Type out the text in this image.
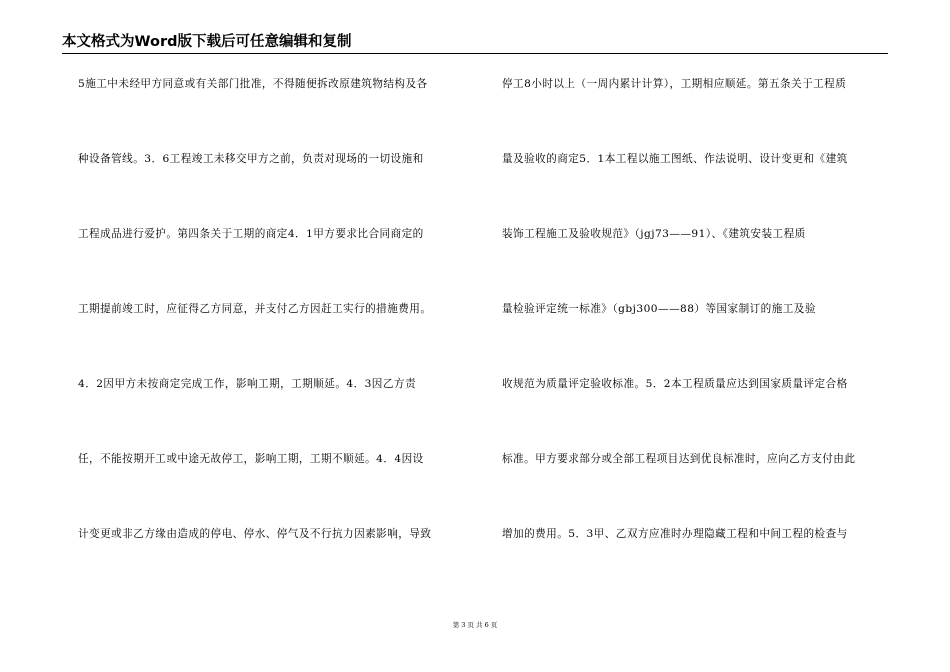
本文格式为Word版下载后可任意编辑和复制
5施工中未经甲方同意或有关部门批准，不得随便拆改原建筑物结构及各
种设备管线。3．6工程竣工未移交甲方之前，负责对现场的一切设施和
工程成品进行爱护。第四条关于工期的商定4．1甲方要求比合同商定的
工期提前竣工时，应征得乙方同意，并支付乙方因赶工实行的措施费用。
4．2因甲方未按商定完成工作，影响工期，工期顺延。4．3因乙方责
任，不能按期开工或中途无故停工，影响工期，工期不顺延。4．4因设
计变更或非乙方缘由造成的停电、停水、停气及不行抗力因素影响，导致
停工8小时以上（一周内累计计算），工期相应顺延。第五条关于工程质
量及验收的商定5．1本工程以施工图纸、作法说明、设计变更和《建筑
装饰工程施工及验收规范》（jgj73——91）、《建筑安装工程质
量检验评定统一标准》（gbj300——88）等国家制订的施工及验
收规范为质量评定验收标准。5．2本工程质量应达到国家质量评定合格
标准。甲方要求部分或全部工程项目达到优良标准时，应向乙方支付由此
增加的费用。5．3甲、乙双方应准时办理隐藏工程和中间工程的检查与
第 3 页 共 6 页
